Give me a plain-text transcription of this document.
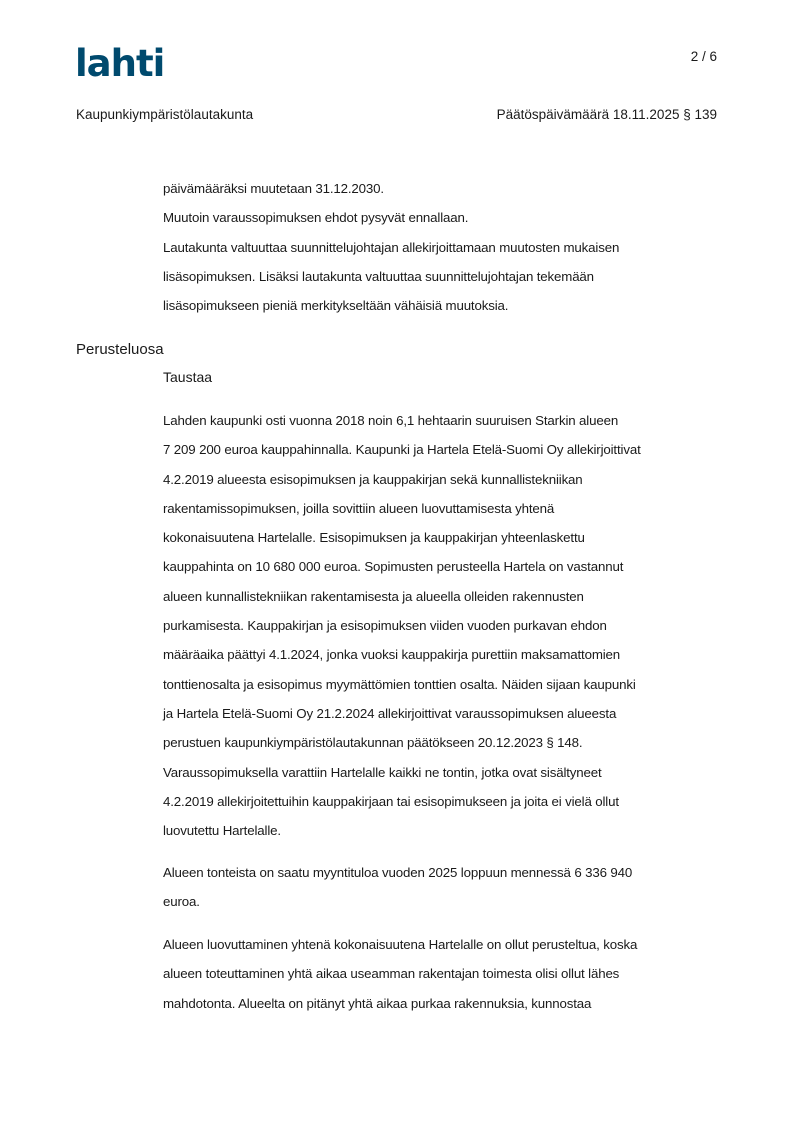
lahti	2 / 6
Kaupunkiympäristölautakunta	Päätöspäivämäärä 18.11.2025 § 139
päivämääräksi muutetaan 31.12.2030.
Muutoin varaussopimuksen ehdot pysyvät ennallaan.
Lautakunta valtuuttaa suunnittelujohtajan allekirjoittamaan muutosten mukaisen
lisäsopimuksen. Lisäksi lautakunta valtuuttaa suunnittelujohtajan tekemään
lisäsopimukseen pieniä merkitykseltään vähäisiä muutoksia.
Perusteluosa
Taustaa
Lahden kaupunki osti vuonna 2018 noin 6,1 hehtaarin suuruisen Starkin alueen
7 209 200 euroa kauppahinnalla. Kaupunki ja Hartela Etelä-Suomi Oy allekirjoittivat
4.2.2019 alueesta esisopimuksen ja kauppakirjan sekä kunnallistekniikan
rakentamissopimuksen, joilla sovittiin alueen luovuttamisesta yhtenä
kokonaisuutena Hartelalle. Esisopimuksen ja kauppakirjan yhteenlaskettu
kauppahinta on 10 680 000 euroa. Sopimusten perusteella Hartela on vastannut
alueen kunnallistekniikan rakentamisesta ja alueella olleiden rakennusten
purkamisesta. Kauppakirjan ja esisopimuksen viiden vuoden purkavan ehdon
määräaika päättyi 4.1.2024, jonka vuoksi kauppakirja purettiin maksamattomien
tonttienosalta ja esisopimus myymättömien tonttien osalta. Näiden sijaan kaupunki
ja Hartela Etelä-Suomi Oy 21.2.2024 allekirjoittivat varaussopimuksen alueesta
perustuen kaupunkiympäristölautakunnan päätökseen 20.12.2023 § 148.
Varaussopimuksella varattiin Hartelalle kaikki ne tontin, jotka ovat sisältyneet
4.2.2019 allekirjoitettuihin kauppakirjaan tai esisopimukseen ja joita ei vielä ollut
luovutettu Hartelalle.
Alueen tonteista on saatu myyntituloa vuoden 2025 loppuun mennessä 6 336 940
euroa.
Alueen luovuttaminen yhtenä kokonaisuutena Hartelalle on ollut perusteltua, koska
alueen toteuttaminen yhtä aikaa useamman rakentajan toimesta olisi ollut lähes
mahdotonta. Alueelta on pitänyt yhtä aikaa purkaa rakennuksia, kunnostaa
